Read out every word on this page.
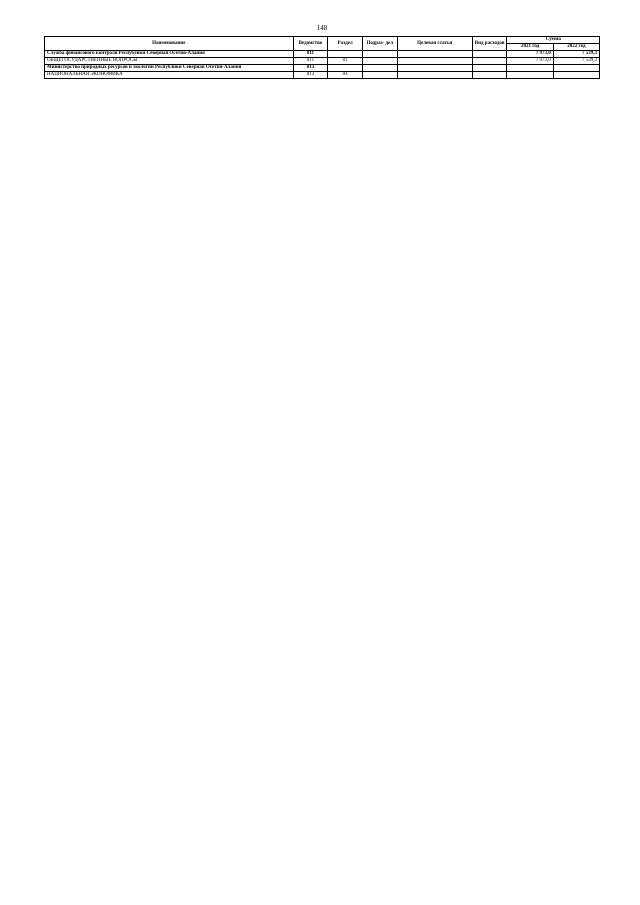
148
Наименование	Ведомство	Раздел	Подраз- дел	Целевая статья	Вид расходов	Сумма	
						2021 год	2022 год
Служба финансового контроля Республики Северная Осетия-Алания	811					7 973,0	7 539,3
ОБЩЕГОСУДАРСТВЕННЫЕ ВОПРОСЫ	811	01				7 973,0	7 539,3
Министерство природных ресурсов и экологии Республики Северная Осетия-Алания	813						
НАЦИОНАЛЬНАЯ ЭКОНОМИКА	813	04					
